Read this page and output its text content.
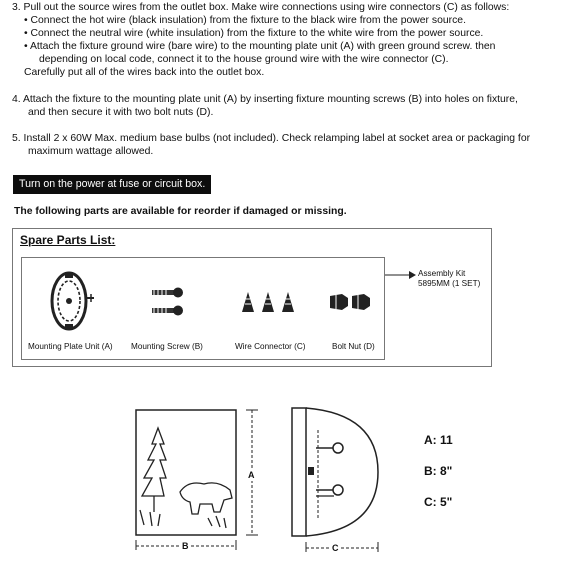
3. Pull out the source wires from the outlet box. Make wire connections using wire connectors (C) as follows:
• Connect the hot wire (black insulation) from the fixture to the black wire from the power source.
• Connect the neutral wire (white insulation) from the fixture to the white wire from the power source.
• Attach the fixture ground wire (bare wire) to the mounting plate unit (A) with green ground screw. then
depending on local code, connect it to the house ground wire with the wire connector (C).
Carefully put all of the wires back into the outlet box.
4. Attach the fixture to the mounting plate unit (A) by inserting fixture mounting screws (B) into holes on fixture,
and then secure it with two bolt nuts (D).
5. Install 2 x 60W Max. medium base bulbs (not included). Check relamping label at socket area or packaging for
maximum wattage allowed.
Turn on the power at fuse or circuit box.
The following parts are available for reorder if damaged or missing.
Spare Parts List:
Mounting Plate Unit (A) Mounting Screw (B)	Wire Connector (C)	Bolt Nut (D)
Assembly Kit
5895MM (1 SET)
B
A
C
A: 11
B: 8"
C: 5"
